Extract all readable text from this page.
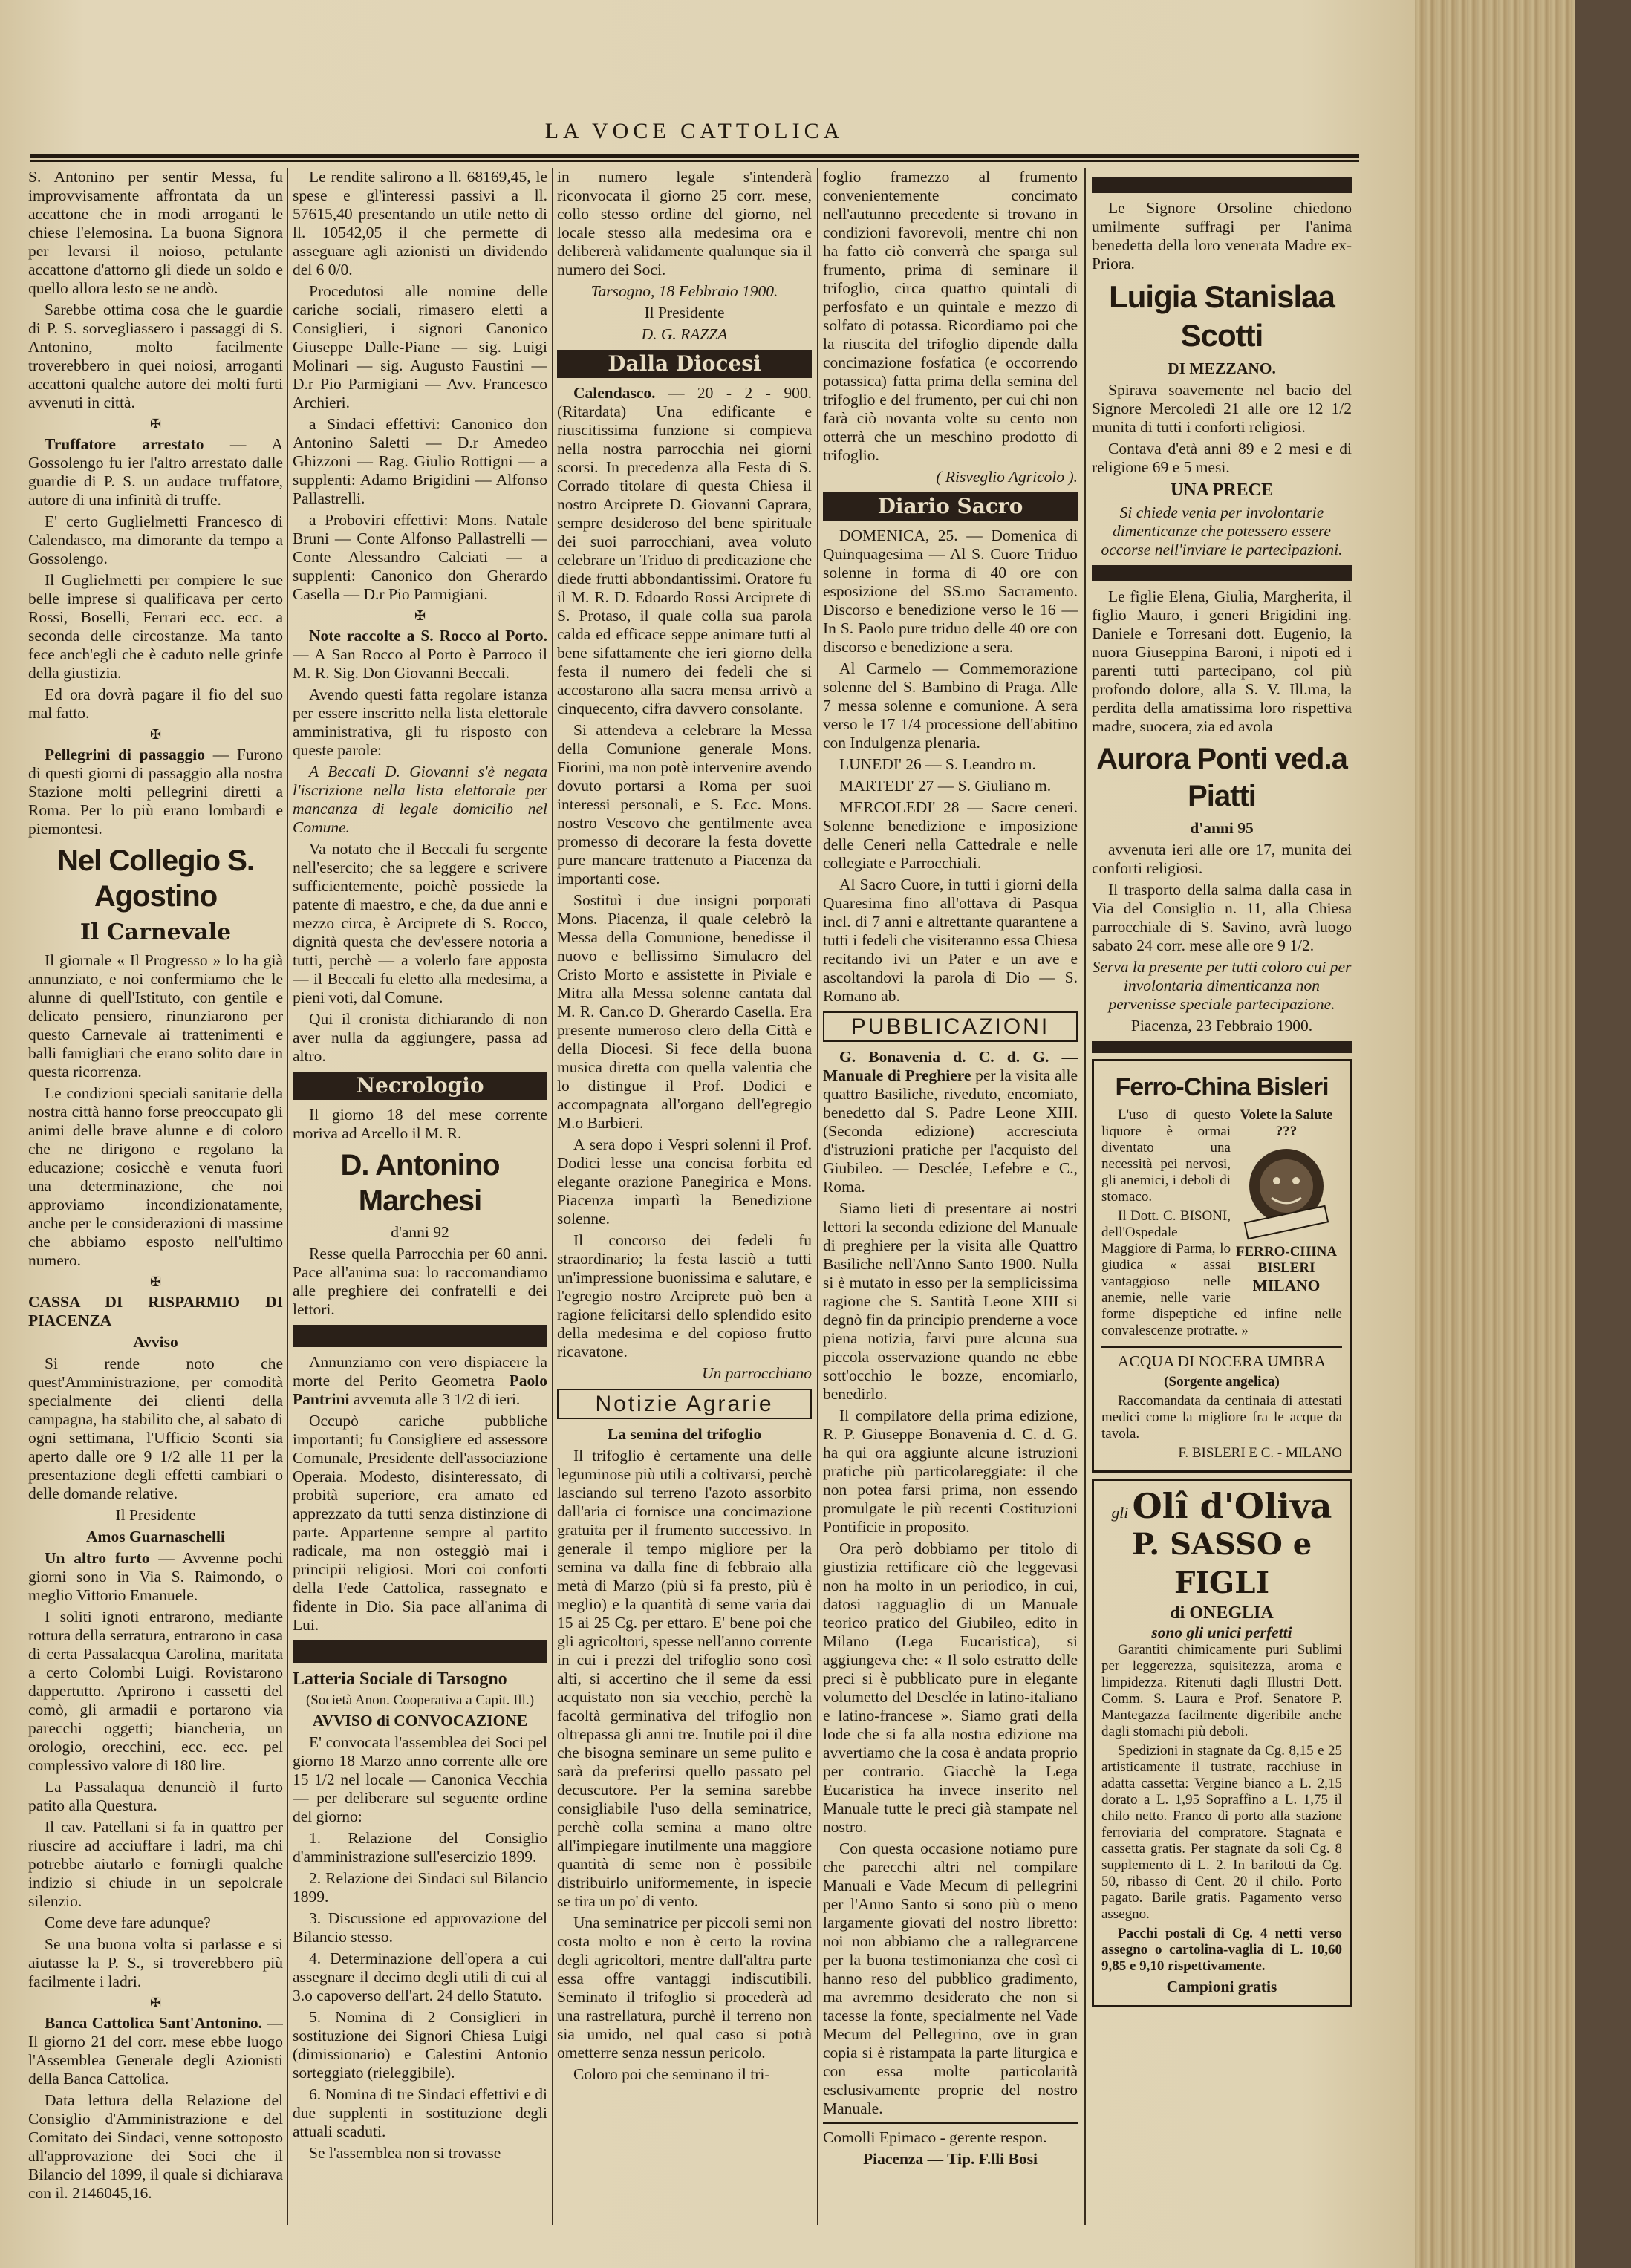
LA VOCE CATTOLICA

S. Antonino per sentir Messa, fu improvvisamente affrontata da un accattone che in modi arroganti le chiese l'elemosina. La buona Signora per levarsi il noioso, petulante accattone d'attorno gli diede un soldo e quello allora lesto se ne andò.

Sarebbe ottima cosa che le guardie di P. S. sorvegliassero i passaggi di S. Antonino, molto facilmente troverebbero in quei noiosi, arroganti accattoni qualche autore dei molti furti avvenuti in città.

✠

Truffatore arrestato — A Gossolengo fu ier l'altro arrestato dalle guardie di P. S. un audace truffatore, autore di una infinità di truffe.

E' certo Guglielmetti Francesco di Calendasco, ma dimorante da tempo a Gossolengo.

Il Guglielmetti per compiere le sue belle imprese si qualificava per certo Rossi, Boselli, Ferrari ecc. ecc. a seconda delle circostanze. Ma tanto fece anch'egli che è caduto nelle grinfe della giustizia.

Ed ora dovrà pagare il fio del suo mal fatto.

✠

Pellegrini di passaggio — Furono di questi giorni di passaggio alla nostra Stazione molti pellegrini diretti a Roma. Per lo più erano lombardi e piemontesi.

Nel Collegio S. Agostino
Il Carnevale

Il giornale « Il Progresso » lo ha già annunziato, e noi confermiamo che le alunne di quell'Istituto, con gentile e delicato pensiero, rinunziarono per questo Carnevale ai trattenimenti e balli famigliari che erano solito dare in questa ricorrenza.

Le condizioni speciali sanitarie della nostra città hanno forse preoccupato gli animi delle brave alunne e di coloro che ne dirigono e regolano la educazione; cosicchè e venuta fuori una determinazione, che noi approviamo incondizionatamente, anche per le considerazioni di massime che abbiamo esposto nell'ultimo numero.

✠

CASSA DI RISPARMIO DI PIACENZA

Avviso

Si rende noto che quest'Amministrazione, per comodità specialmente dei clienti della campagna, ha stabilito che, al sabato di ogni settimana, l'Ufficio Sconti sia aperto dalle ore 9 1/2 alle 11 per la presentazione degli effetti cambiari o delle domande relative.

Il Presidente

Amos Guarnaschelli

Un altro furto — Avvenne pochi giorni sono in Via S. Raimondo, o meglio Vittorio Emanuele.

I soliti ignoti entrarono, mediante rottura della serratura, entrarono in casa di certa Passalacqua Carolina, maritata a certo Colombi Luigi. Rovistarono dappertutto. Aprirono i cassetti del comò, gli armadii e portarono via parecchi oggetti; biancheria, un orologio, orecchini, ecc. ecc. pel complessivo valore di 180 lire.

La Passalaqua denunciò il furto patito alla Questura.

Il cav. Patellani si fa in quattro per riuscire ad acciuffare i ladri, ma chi potrebbe aiutarlo e fornirgli qualche indizio si chiude in un sepolcrale silenzio.

Come deve fare adunque?

Se una buona volta si parlasse e si aiutasse la P. S., si troverebbero più facilmente i ladri.

✠

Banca Cattolica Sant'Antonino. — Il giorno 21 del corr. mese ebbe luogo l'Assemblea Generale degli Azionisti della Banca Cattolica.

Data lettura della Relazione del Consiglio d'Amministrazione e del Comitato dei Sindaci, venne sottoposto all'approvazione dei Soci che il Bilancio del 1899, il quale si dichiarava con il. 2146045,16.

Le rendite salirono a ll. 68169,45, le spese e gl'interessi passivi a ll. 57615,40 presentando un utile netto di ll. 10542,05 il che permette di asseguare agli azionisti un dividendo del 6 0/0.

Procedutosi alle nomine delle cariche sociali, rimasero eletti a Consiglieri, i signori Canonico Giuseppe Dalle-Piane — sig. Luigi Molinari — sig. Augusto Faustini — D.r Pio Parmigiani — Avv. Francesco Archieri.

a Sindaci effettivi: Canonico don Antonino Saletti — D.r Amedeo Ghizzoni — Rag. Giulio Rottigni — a supplenti: Adamo Brigidini — Alfonso Pallastrelli.

a Proboviri effettivi: Mons. Natale Bruni — Conte Alfonso Pallastrelli — Conte Alessandro Calciati — a supplenti: Canonico don Gherardo Casella — D.r Pio Parmigiani.

✠

Note raccolte a S. Rocco al Porto. — A San Rocco al Porto è Parroco il M. R. Sig. Don Giovanni Beccali.

Avendo questi fatta regolare istanza per essere inscritto nella lista elettorale amministrativa, gli fu risposto con queste parole:

A Beccali D. Giovanni s'è negata l'iscrizione nella lista elettorale per mancanza di legale domicilio nel Comune.

Va notato che il Beccali fu sergente nell'esercito; che sa leggere e scrivere sufficientemente, poichè possiede la patente di maestro, e che, da due anni e mezzo circa, è Arciprete di S. Rocco, dignità questa che dev'essere notoria a tutti, perchè — a volerlo fare apposta — il Beccali fu eletto alla medesima, a pieni voti, dal Comune.

Qui il cronista dichiarando di non aver nulla da aggiungere, passa ad altro.

Necrologio

Il giorno 18 del mese corrente moriva ad Arcello il M. R.

D. Antonino Marchesi

d'anni 92

Resse quella Parrocchia per 60 anni. Pace all'anima sua: lo raccomandiamo alle preghiere dei confratelli e dei lettori.

Annunziamo con vero dispiacere la morte del Perito Geometra Paolo Pantrini avvenuta alle 3 1/2 di ieri.

Occupò cariche pubbliche importanti; fu Consigliere ed assessore Comunale, Presidente dell'associazione Operaia. Modesto, disinteressato, di probità superiore, era amato ed apprezzato da tutti senza distinzione di parte. Appartenne sempre al partito radicale, ma non osteggiò mai i principii religiosi. Mori coi conforti della Fede Cattolica, rassegnato e fidente in Dio. Sia pace all'anima di Lui.

Latteria Sociale di Tarsogno

(Società Anon. Cooperativa a Capit. Ill.)

AVVISO di CONVOCAZIONE

E' convocata l'assemblea dei Soci pel giorno 18 Marzo anno corrente alle ore 15 1/2 nel locale — Canonica Vecchia — per deliberare sul seguente ordine del giorno:

1. Relazione del Consiglio d'amministrazione sull'esercizio 1899.

2. Relazione dei Sindaci sul Bilancio 1899.

3. Discussione ed approvazione del Bilancio stesso.

4. Determinazione dell'opera a cui assegnare il decimo degli utili di cui al 3.o capoverso dell'art. 24 dello Statuto.

5. Nomina di 2 Consiglieri in sostituzione dei Signori Chiesa Luigi (dimissionario) e Calestini Antonio sorteggiato (rieleggibile).

6. Nomina di tre Sindaci effettivi e di due supplenti in sostituzione degli attuali scaduti.

Se l'assemblea non si trovasse

in numero legale s'intenderà riconvocata il giorno 25 corr. mese, collo stesso ordine del giorno, nel locale stesso alla medesima ora e delibererà validamente qualunque sia il numero dei Soci.

Tarsogno, 18 Febbraio 1900.

Il Presidente

D. G. RAZZA

Dalla Diocesi

Calendasco. — 20 - 2 - 900. (Ritardata) Una edificante e riuscitissima funzione si compieva nella nostra parrocchia nei giorni scorsi. In precedenza alla Festa di S. Corrado titolare di questa Chiesa il nostro Arciprete D. Giovanni Caprara, sempre desideroso del bene spirituale dei suoi parrocchiani, avea voluto celebrare un Triduo di predicazione che diede frutti abbondantissimi. Oratore fu il M. R. D. Edoardo Rossi Arciprete di S. Protaso, il quale colla sua parola calda ed efficace seppe animare tutti al bene sifattamente che ieri giorno della festa il numero dei fedeli che si accostarono alla sacra mensa arrivò a cinquecento, cifra davvero consolante.

Si attendeva a celebrare la Messa della Comunione generale Mons. Fiorini, ma non potè intervenire avendo dovuto portarsi a Roma per suoi interessi personali, e S. Ecc. Mons. nostro Vescovo che gentilmente avea promesso di decorare la festa dovette pure mancare trattenuto a Piacenza da importanti cose.

Sostituì i due insigni porporati Mons. Piacenza, il quale celebrò la Messa della Comunione, benedisse il nuovo e bellissimo Simulacro del Cristo Morto e assistette in Piviale e Mitra alla Messa solenne cantata dal M. R. Can.co D. Gherardo Casella. Era presente numeroso clero della Città e della Diocesi. Si fece della buona musica diretta con quella valentia che lo distingue il Prof. Dodici e accompagnata all'organo dell'egregio M.o Barbieri.

A sera dopo i Vespri solenni il Prof. Dodici lesse una concisa forbita ed elegante orazione Panegirica e Mons. Piacenza impartì la Benedizione solenne.

Il concorso dei fedeli fu straordinario; la festa lasciò a tutti un'impressione buonissima e salutare, e l'egregio nostro Arciprete può ben a ragione felicitarsi dello splendido esito della medesima e del copioso frutto ricavatone.

Un parrocchiano

Notizie Agrarie

La semina del trifoglio

Il trifoglio è certamente una delle leguminose più utili a coltivarsi, perchè lasciando sul terreno l'azoto assorbito dall'aria ci fornisce una concimazione gratuita per il frumento successivo. In generale il tempo migliore per la semina va dalla fine di febbraio alla metà di Marzo (più si fa presto, più è meglio) e la quantità di seme varia dai 15 ai 25 Cg. per ettaro. E' bene poi che gli agricoltori, spesse nell'anno corrente in cui i prezzi del trifoglio sono così alti, si accertino che il seme da essi acquistato non sia vecchio, perchè la facoltà germinativa del trifoglio non oltrepassa gli anni tre. Inutile poi il dire che bisogna seminare un seme pulito e sarà da preferirsi quello passato pel decuscutore. Per la semina sarebbe consigliabile l'uso della seminatrice, perchè colla semina a mano oltre all'impiegare inutilmente una maggiore quantità di seme non è possibile distribuirlo uniformemente, in ispecie se tira un po' di vento.

Una seminatrice per piccoli semi non costa molto e non è certo la rovina degli agricoltori, mentre dall'altra parte essa offre vantaggi indiscutibili. Seminato il trifoglio si procederà ad una rastrellatura, purchè il terreno non sia umido, nel qual caso si potrà ometterre senza nessun pericolo.

Coloro poi che seminano il tri-

foglio framezzo al frumento convenientemente concimato nell'autunno precedente si trovano in condizioni favorevoli, mentre chi non ha fatto ciò converrà che sparga sul frumento, prima di seminare il trifoglio, circa quattro quintali di perfosfato e un quintale e mezzo di solfato di potassa. Ricordiamo poi che la riuscita del trifoglio dipende dalla concimazione fosfatica (e occorrendo potassica) fatta prima della semina del trifoglio e del frumento, per cui chi non farà ciò novanta volte su cento non otterrà che un meschino prodotto di trifoglio.

( Risveglio Agricolo ).

Diario Sacro

DOMENICA, 25. — Domenica di Quinquagesima — Al S. Cuore Triduo solenne in forma di 40 ore con esposizione del SS.mo Sacramento. Discorso e benedizione verso le 16 — In S. Paolo pure triduo delle 40 ore con discorso e benedizione a sera.

Al Carmelo — Commemorazione solenne del S. Bambino di Praga. Alle 7 messa solenne e comunione. A sera verso le 17 1/4 processione dell'abitino con Indulgenza plenaria.

LUNEDI' 26 — S. Leandro m.

MARTEDI' 27 — S. Giuliano m.

MERCOLEDI' 28 — Sacre ceneri. Solenne benedizione e imposizione delle Ceneri nella Cattedrale e nelle collegiate e Parrocchiali.

Al Sacro Cuore, in tutti i giorni della Quaresima fino all'ottava di Pasqua incl. di 7 anni e altrettante quarantene a tutti i fedeli che visiteranno essa Chiesa recitando ivi un Pater e un ave e ascoltandovi la parola di Dio — S. Romano ab.

PUBBLICAZIONI

G. Bonavenia d. C. d. G. — Manuale di Preghiere per la visita alle quattro Basiliche, riveduto, encomiato, benedetto dal S. Padre Leone XIII. (Seconda edizione) accresciuta d'istruzioni pratiche per l'acquisto del Giubileo. — Desclée, Lefebre e C., Roma.

Siamo lieti di presentare ai nostri lettori la seconda edizione del Manuale di preghiere per la visita alle Quattro Basiliche nell'Anno Santo 1900. Nulla si è mutato in esso per la semplicissima ragione che S. Santità Leone XIII si degnò fin da principio prenderne a voce piena notizia, farvi pure alcuna sua piccola osservazione quando ne ebbe sott'occhio le bozze, encomiarlo, benedirlo.

Il compilatore della prima edizione, R. P. Giuseppe Bonavenia d. C. d. G. ha qui ora aggiunte alcune istruzioni pratiche più particolareggiate: il che non potea farsi prima, non essendo promulgate le più recenti Costituzioni Pontificie in proposito.

Ora però dobbiamo per titolo di giustizia rettificare ciò che leggevasi non ha molto in un periodico, in cui, datosi ragguaglio di un Manuale teorico pratico del Giubileo, edito in Milano (Lega Eucaristica), si aggiungeva che: « Il solo estratto delle preci si è pubblicato pure in elegante volumetto del Desclée in latino-italiano e latino-francese ». Siamo grati della lode che si fa alla nostra edizione ma avvertiamo che la cosa è andata proprio per contrario. Giacchè la Lega Eucaristica ha invece inserito nel Manuale tutte le preci già stampate nel nostro.

Con questa occasione notiamo pure che parecchi altri nel compilare Manuali e Vade Mecum di pellegrini per l'Anno Santo si sono più o meno largamente giovati del nostro libretto: noi non abbiamo che a rallegrarcene per la buona testimonianza che così ci hanno reso del pubblico gradimento, ma avremmo desiderato che non si tacesse la fonte, specialmente nel Vade Mecum del Pellegrino, ove in gran copia si è ristampata la parte liturgica e con essa molte particolarità esclusivamente proprie del nostro Manuale.

Comolli Epimaco - gerente respon.

Piacenza — Tip. F.lli Bosi

Le Signore Orsoline chiedono umilmente suffragi per l'anima benedetta della loro venerata Madre ex-Priora.

Luigia Stanislaa Scotti

DI MEZZANO.

Spirava soavemente nel bacio del Signore Mercoledì 21 alle ore 12 1/2 munita di tutti i conforti religiosi.

Contava d'età anni 89 e 2 mesi e di religione 69 e 5 mesi.

UNA PRECE

Si chiede venia per involontarie dimenticanze che potessero essere occorse nell'inviare le partecipazioni.

Le figlie Elena, Giulia, Margherita, il figlio Mauro, i generi Brigidini ing. Daniele e Torresani dott. Eugenio, la nuora Giuseppina Baroni, i nipoti ed i parenti tutti partecipano, col più profondo dolore, alla S. V. Ill.ma, la perdita della amatissima loro rispettiva madre, suocera, zia ed avola

Aurora Ponti ved.a Piatti

d'anni 95

avvenuta ieri alle ore 17, munita dei conforti religiosi.

Il trasporto della salma dalla casa in Via del Consiglio n. 11, alla Chiesa parrocchiale di S. Savino, avrà luogo sabato 24 corr. mese alle ore 9 1/2.

Serva la presente per tutti coloro cui per involontaria dimenticanza non pervenisse speciale partecipazione.

Piacenza, 23 Febbraio 1900.

Ferro-China Bisleri
Volete la Salute ???
FERRO-CHINA BISLERI
MILANO

L'uso di questo liquore è ormai diventato una necessità pei nervosi, gli anemici, i deboli di stomaco.

Il Dott. C. BISONI, dell'Ospedale Maggiore di Parma, lo giudica « assai vantaggioso nelle anemie, nelle varie forme dispeptiche ed infine nelle convalescenze protratte. »

ACQUA DI NOCERA UMBRA

(Sorgente angelica)

Raccomandata da centinaia di attestati medici come la migliore fra le acque da tavola.

F. BISLERI E C. - MILANO

gli Olî d'Oliva
P. SASSO e FIGLI
di ONEGLIA
sono gli unici perfetti

Garantiti chimicamente puri Sublimi per leggerezza, squisitezza, aroma e limpidezza. Ritenuti dagli Illustri Dott. Comm. S. Laura e Prof. Senatore P. Mantegazza facilmente digeribile anche dagli stomachi più deboli.

Spedizioni in stagnate da Cg. 8,15 e 25 artisticamente il tustrate, racchiuse in adatta cassetta: Vergine bianco a L. 2,15 dorato a L. 1,95 Sopraffino a L. 1,75 il chilo netto. Franco di porto alla stazione ferroviaria del compratore. Stagnata e cassetta gratis. Per stagnate da soli Cg. 8 supplemento di L. 2. In barilotti da Cg. 50, ribasso di Cent. 20 il chilo. Porto pagato. Barile gratis. Pagamento verso assegno.

Pacchi postali di Cg. 4 netti verso assegno o cartolina-vaglia di L. 10,60 9,85 e 9,10 rispettivamente.

Campioni gratis
